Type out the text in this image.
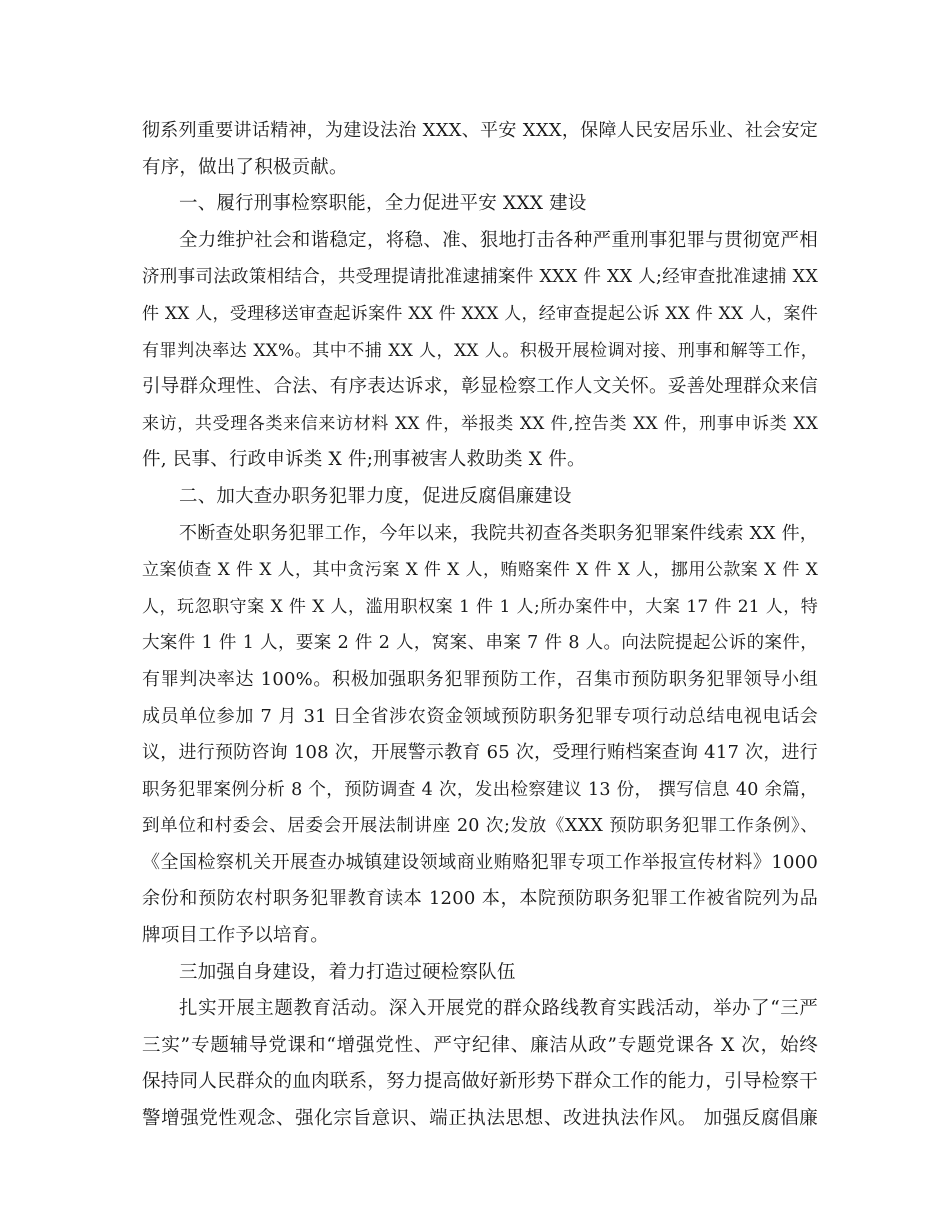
彻系列重要讲话精神，为建设法治 XXX、平安 XXX，保障人民安居乐业、社会安定
有序，做出了积极贡献。
一、履行刑事检察职能，全力促进平安 XXX 建设
全力维护社会和谐稳定，将稳、准、狠地打击各种严重刑事犯罪与贯彻宽严相
济刑事司法政策相结合，共受理提请批准逮捕案件 XXX 件 XX 人;经审查批准逮捕 XX
件 XX 人，受理移送审查起诉案件 XX 件 XXX 人，经审查提起公诉 XX 件 XX 人，案件
有罪判决率达 XX%。其中不捕 XX 人，XX 人。积极开展检调对接、刑事和解等工作，
引导群众理性、合法、有序表达诉求，彰显检察工作人文关怀。妥善处理群众来信
来访，共受理各类来信来访材料 XX 件，举报类 XX 件,控告类 XX 件，刑事申诉类 XX
件, 民事、行政申诉类 X 件;刑事被害人救助类 X 件。
二、加大查办职务犯罪力度，促进反腐倡廉建设
不断查处职务犯罪工作，今年以来，我院共初查各类职务犯罪案件线索 XX 件，
立案侦查 X 件 X 人，其中贪污案 X 件 X 人，贿赂案件 X 件 X 人，挪用公款案 X 件 X
人，玩忽职守案 X 件 X 人，滥用职权案 1 件 1 人;所办案件中，大案 17 件 21 人，特
大案件 1 件 1 人，要案 2 件 2 人，窝案、串案 7 件 8 人。向法院提起公诉的案件，
有罪判决率达 100%。积极加强职务犯罪预防工作，召集市预防职务犯罪领导小组
成员单位参加 7 月 31 日全省涉农资金领域预防职务犯罪专项行动总结电视电话会
议，进行预防咨询 108 次，开展警示教育 65 次，受理行贿档案查询 417 次，进行
职务犯罪案例分析 8 个，预防调查 4 次，发出检察建议 13 份， 撰写信息 40 余篇，
到单位和村委会、居委会开展法制讲座 20 次;发放《XXX 预防职务犯罪工作条例》、
《全国检察机关开展查办城镇建设领域商业贿赂犯罪专项工作举报宣传材料》1000
余份和预防农村职务犯罪教育读本 1200 本，本院预防职务犯罪工作被省院列为品
牌项目工作予以培育。
三加强自身建设，着力打造过硬检察队伍
扎实开展主题教育活动。深入开展党的群众路线教育实践活动，举办了“三严
三实”专题辅导党课和“增强党性、严守纪律、廉洁从政”专题党课各 X 次，始终
保持同人民群众的血肉联系，努力提高做好新形势下群众工作的能力，引导检察干
警增强党性观念、强化宗旨意识、端正执法思想、改进执法作风。 加强反腐倡廉
